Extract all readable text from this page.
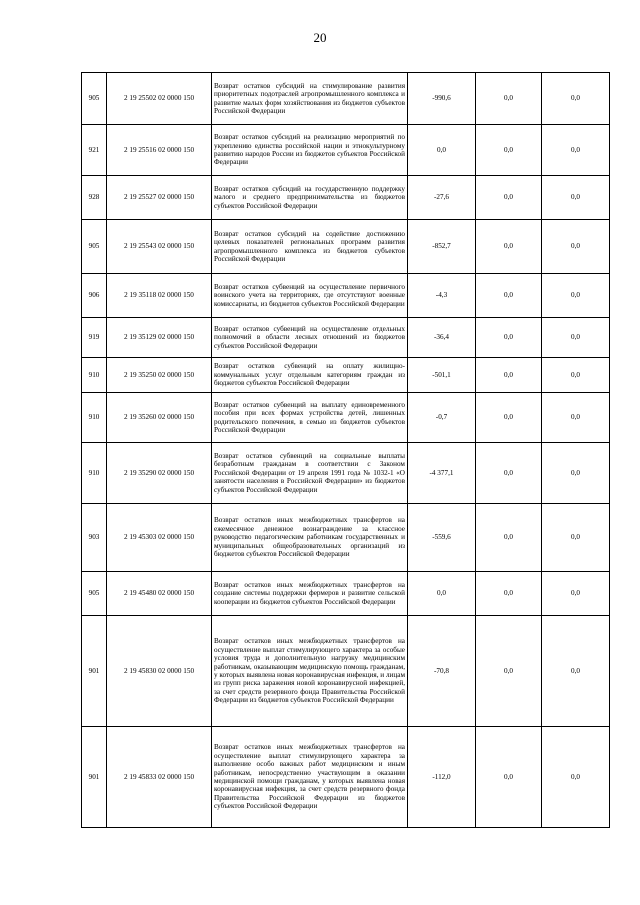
20
905	2 19 25502 02 0000 150	Возврат остатков субсидий на стимулирование развития приоритетных подотраслей агропромышленного комплекса и развитие малых форм хозяйствования из бюджетов субъектов Российской Федерации	-990,6	0,0	0,0
921	2 19 25516 02 0000 150	Возврат остатков субсидий на реализацию мероприятий по укреплению единства российской нации и этнокультурному развитию народов России из бюджетов субъектов Российской Федерации	0,0	0,0	0,0
928	2 19 25527 02 0000 150	Возврат остатков субсидий на государственную поддержку малого и среднего предпринимательства из бюджетов субъектов Российской Федерации	-27,6	0,0	0,0
905	2 19 25543 02 0000 150	Возврат остатков субсидий на содействие достижению целевых показателей региональных программ развития агропромышленного комплекса из бюджетов субъектов Российской Федерации	-852,7	0,0	0,0
906	2 19 35118 02 0000 150	Возврат остатков субвенций на осуществление первичного воинского учета на территориях, где отсутствуют военные комиссариаты, из бюджетов субъектов Российской Федерации	-4,3	0,0	0,0
919	2 19 35129 02 0000 150	Возврат остатков субвенций на осуществление отдельных полномочий в области лесных отношений из бюджетов субъектов Российской Федерации	-36,4	0,0	0,0
910	2 19 35250 02 0000 150	Возврат остатков субвенций на оплату жилищно-коммунальных услуг отдельным категориям граждан из бюджетов субъектов Российской Федерации	-501,1	0,0	0,0
910	2 19 35260 02 0000 150	Возврат остатков субвенций на выплату единовременного пособия при всех формах устройства детей, лишенных родительского попечения, в семью из бюджетов субъектов Российской Федерации	-0,7	0,0	0,0
910	2 19 35290 02 0000 150	Возврат остатков субвенций на социальные выплаты безработным гражданам в соответствии с Законом Российской Федерации от 19 апреля 1991 года № 1032-1 «О занятости населения в Российской Федерации» из бюджетов субъектов Российской Федерации	-4 377,1	0,0	0,0
903	2 19 45303 02 0000 150	Возврат остатков иных межбюджетных трансфертов на ежемесячное денежное вознаграждение за классное руководство педагогическим работникам государственных и муниципальных общеобразовательных организаций из бюджетов субъектов Российской Федерации	-559,6	0,0	0,0
905	2 19 45480 02 0000 150	Возврат остатков иных межбюджетных трансфертов на создание системы поддержки фермеров и развитие сельской кооперации из бюджетов субъектов Российской Федерации	0,0	0,0	0,0
901	2 19 45830 02 0000 150	Возврат остатков иных межбюджетных трансфертов на осуществление выплат стимулирующего характера за особые условия труда и дополнительную нагрузку медицинским работникам, оказывающим медицинскую помощь гражданам, у которых выявлена новая коронавирусная инфекция, и лицам из групп риска заражения новой коронавирусной инфекцией, за счет средств резервного фонда Правительства Российской Федерации из бюджетов субъектов Российской Федерации	-70,8	0,0	0,0
901	2 19 45833 02 0000 150	Возврат остатков иных межбюджетных трансфертов на осуществление выплат стимулирующего характера за выполнение особо важных работ медицинским и иным работникам, непосредственно участвующим в оказании медицинской помощи гражданам, у которых выявлена новая коронавирусная инфекция, за счет средств резервного фонда Правительства Российской Федерации из бюджетов субъектов Российской Федерации	-112,0	0,0	0,0
